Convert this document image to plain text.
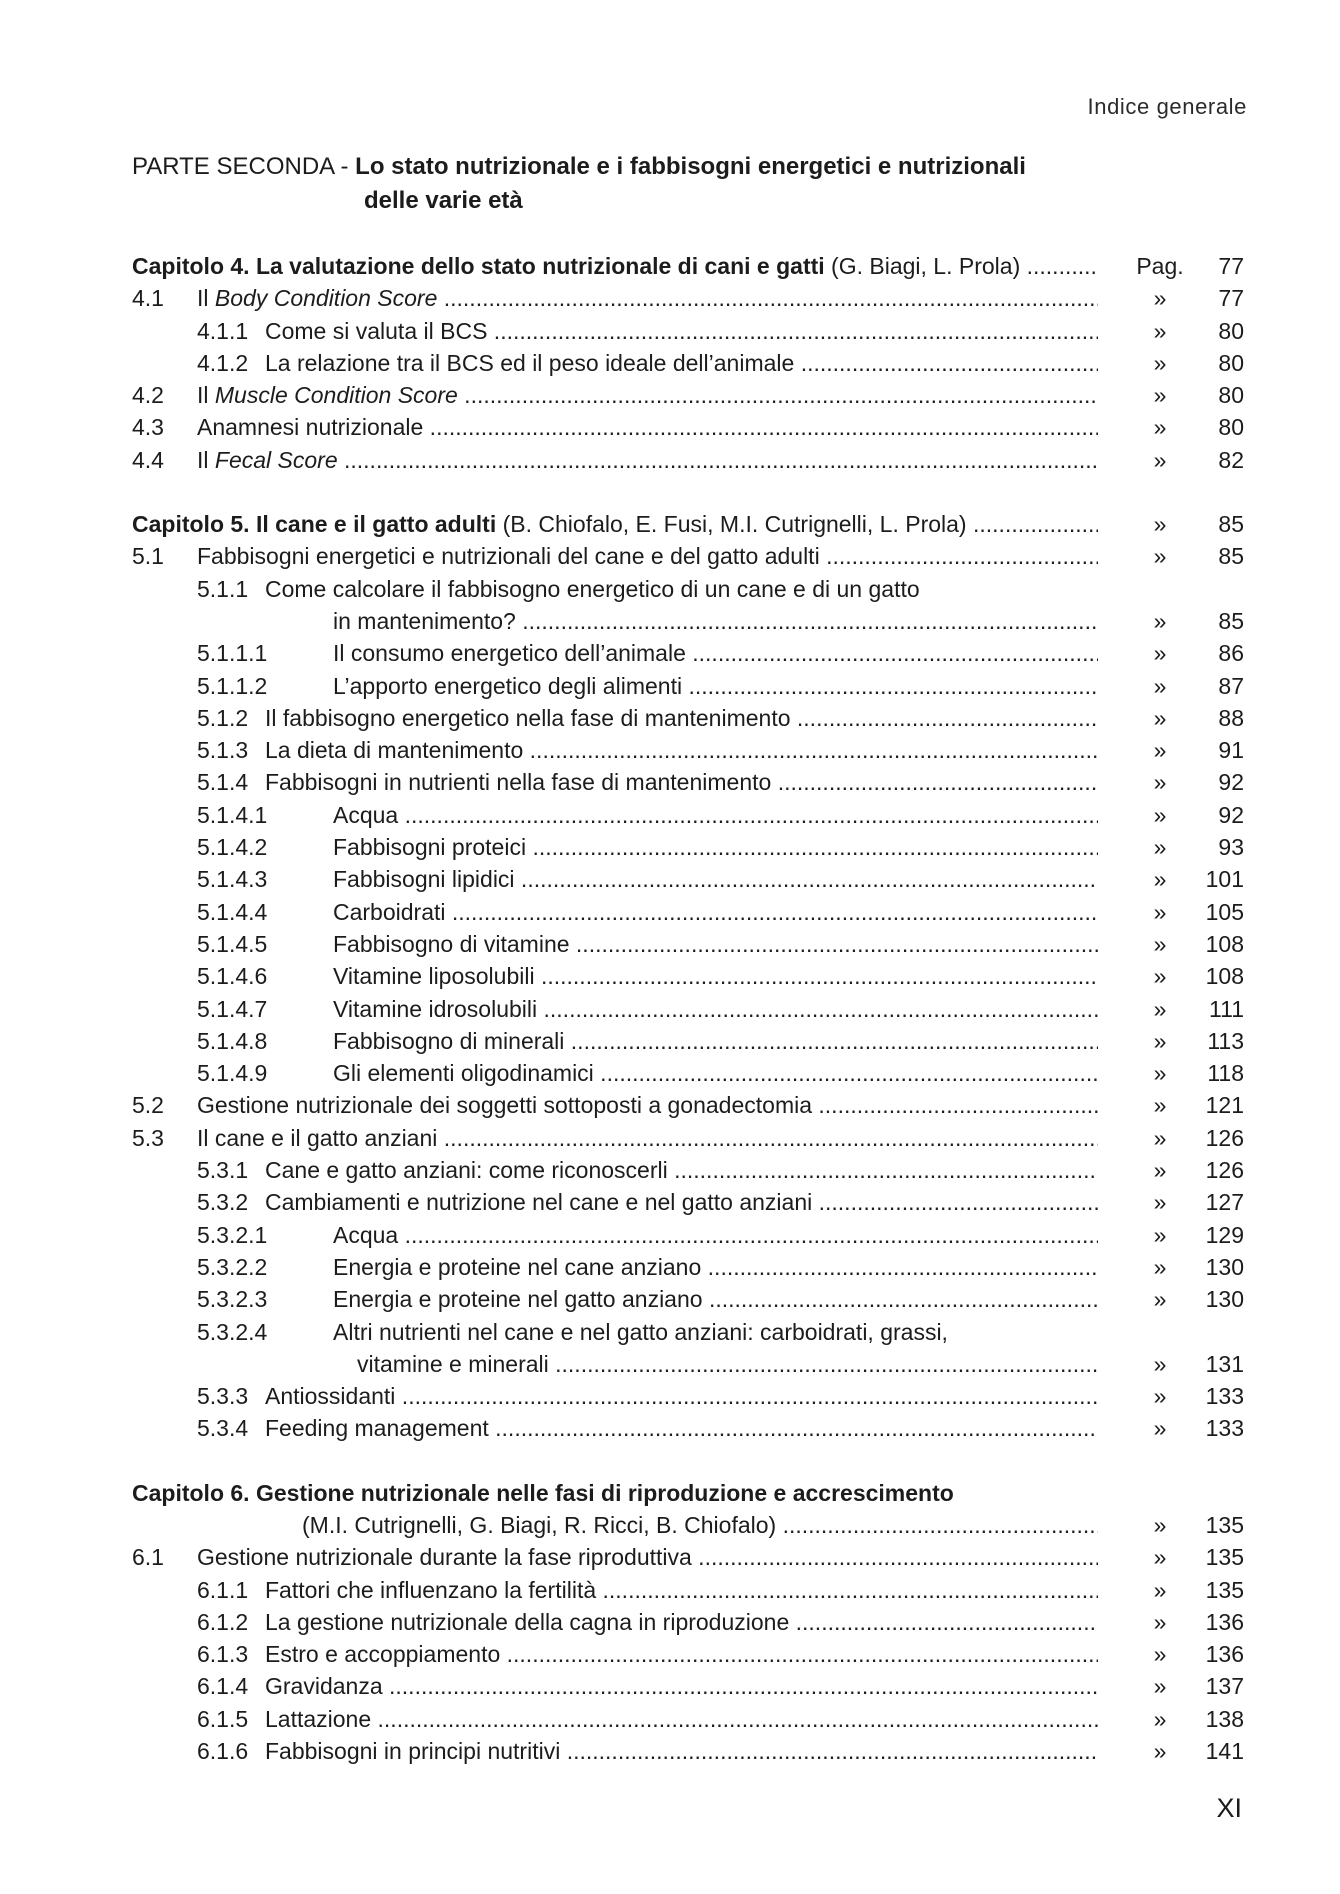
Indice generale

PARTE SECONDA - Lo stato nutrizionale e i fabbisogni energetici e nutrizionali
delle varie età
Capitolo 4. La valutazione dello stato nutrizionale di cani e gatti (G. Biagi, L. Prola) .....	Pag.	77
4.1 Il Body Condition Score .....	»	77
4.1.1 Come si valuta il BCS .....	»	80
4.1.2 La relazione tra il BCS ed il peso ideale dell’animale .....	»	80
4.2 Il Muscle Condition Score .....	»	80
4.3 Anamnesi nutrizionale .....	»	80
4.4 Il Fecal Score .....	»	82
Capitolo 5. Il cane e il gatto adulti (B. Chiofalo, E. Fusi, M.I. Cutrignelli, L. Prola) .....	»	85
5.1 Fabbisogni energetici e nutrizionali del cane e del gatto adulti .....	»	85
5.1.1 Come calcolare il fabbisogno energetico di un cane e di un gatto
in mantenimento? .....	»	85
5.1.1.1	Il consumo energetico dell’animale .....	»	86
5.1.1.2	L’apporto energetico degli alimenti .....	»	87
5.1.2 Il fabbisogno energetico nella fase di mantenimento .....	»	88
5.1.3 La dieta di mantenimento .....	»	91
5.1.4 Fabbisogni in nutrienti nella fase di mantenimento .....	»	92
5.1.4.1	Acqua .....	»	92
5.1.4.2	Fabbisogni proteici .....	»	93
5.1.4.3	Fabbisogni lipidici .....	»	101
5.1.4.4	Carboidrati .....	»	105
5.1.4.5	Fabbisogno di vitamine .....	»	108
5.1.4.6	Vitamine liposolubili .....	»	108
5.1.4.7	Vitamine idrosolubili .....	»	111
5.1.4.8	Fabbisogno di minerali .....	»	113
5.1.4.9	Gli elementi oligodinamici .....	»	118
5.2 Gestione nutrizionale dei soggetti sottoposti a gonadectomia .....	»	121
5.3 Il cane e il gatto anziani .....	»	126
5.3.1 Cane e gatto anziani: come riconoscerli .....	»	126
5.3.2 Cambiamenti e nutrizione nel cane e nel gatto anziani .....	»	127
5.3.2.1	Acqua .....	»	129
5.3.2.2	Energia e proteine nel cane anziano .....	»	130
5.3.2.3	Energia e proteine nel gatto anziano .....	»	130
5.3.2.4	Altri nutrienti nel cane e nel gatto anziani: carboidrati, grassi,
vitamine e minerali .....	»	131
5.3.3 Antiossidanti .....	»	133
5.3.4 Feeding management .....	»	133
Capitolo 6. Gestione nutrizionale nelle fasi di riproduzione e accrescimento
(M.I. Cutrignelli, G. Biagi, R. Ricci, B. Chiofalo) .....	»	135
6.1 Gestione nutrizionale durante la fase riproduttiva .....	»	135
6.1.1 Fattori che influenzano la fertilità .....	»	135
6.1.2 La gestione nutrizionale della cagna in riproduzione .....	»	136
6.1.3 Estro e accoppiamento .....	»	136
6.1.4 Gravidanza .....	»	137
6.1.5 Lattazione .....	»	138
6.1.6 Fabbisogni in principi nutritivi .....	»	141

XI
